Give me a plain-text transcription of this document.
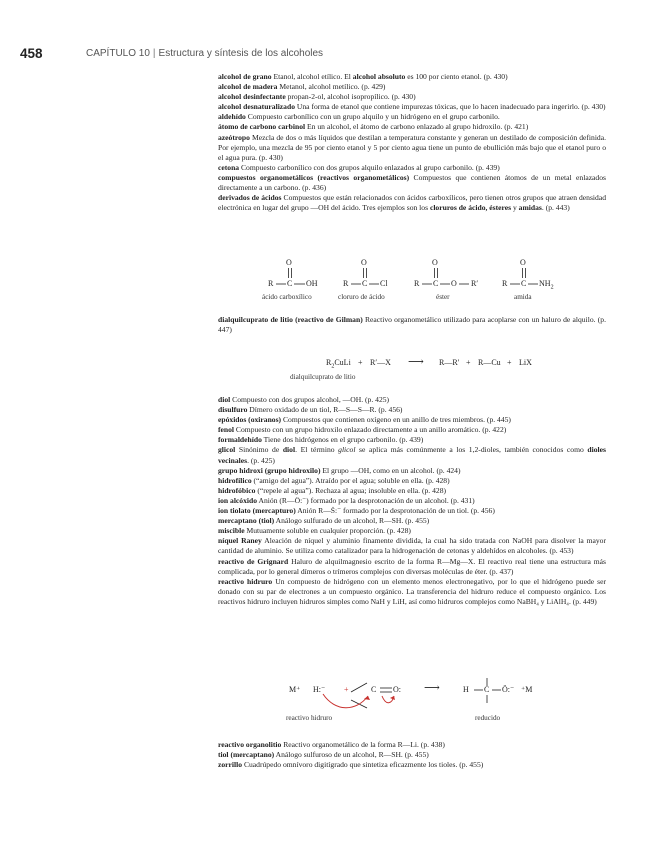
458	CAPÍTULO 10 | Estructura y síntesis de los alcoholes
alcohol de grano Etanol, alcohol etílico. El alcohol absoluto es 100 por ciento etanol. (p. 430)
alcohol de madera Metanol, alcohol metílico. (p. 429)
alcohol desinfectante propan-2-ol, alcohol isopropílico. (p. 430)
alcohol desnaturalizado Una forma de etanol que contiene impurezas tóxicas, que lo hacen inadecuado para ingerirlo. (p. 430)
aldehído Compuesto carbonílico con un grupo alquilo y un hidrógeno en el grupo carbonilo.
átomo de carbono carbinol En un alcohol, el átomo de carbono enlazado al grupo hidroxilo. (p. 421)
azeótropo Mezcla de dos o más líquidos que destilan a temperatura constante y generan un destilado de composición definida. Por ejemplo, una mezcla de 95 por ciento etanol y 5 por ciento agua tiene un punto de ebullición más bajo que el etanol puro o el agua pura. (p. 430)
cetona Compuesto carbonílico con dos grupos alquilo enlazados al grupo carbonilo. (p. 439)
compuestos organometálicos (reactivos organometálicos) Compuestos que contienen átomos de un metal enlazados directamente a un carbono. (p. 436)
derivados de ácidos Compuestos que están relacionados con ácidos carboxílicos, pero tienen otros grupos que atraen densidad electrónica en lugar del grupo —OH del ácido. Tres ejemplos son los cloruros de ácido, ésteres y amidas. (p. 443)
O
R C OH
ácido carboxílico
O
R C Cl
cloruro de ácido
O
R C O R′
éster
O
R C $NH_2$
amida
dialquilcuprato de litio (reactivo de Gilman) Reactivo organometálico utilizado para acoplarse con un haluro de alquilo. (p. 447)
$R_2CuLi$ + R′—X ⟶ R—R′ + R—Cu + LiX
dialquilcuprato de litio
diol Compuesto con dos grupos alcohol, —OH. (p. 425)
disulfuro Dímero oxidado de un tiol, R—S—S—R. (p. 456)
epóxidos (oxiranos) Compuestos que contienen oxígeno en un anillo de tres miembros. (p. 445)
fenol Compuesto con un grupo hidroxilo enlazado directamente a un anillo aromático. (p. 422)
formaldehído Tiene dos hidrógenos en el grupo carbonilo. (p. 439)
glicol Sinónimo de diol. El término glicol se aplica más comúnmente a los 1,2-dioles, también conocidos como dioles vecinales. (p. 425)
grupo hidroxi (grupo hidroxilo) El grupo —OH, como en un alcohol. (p. 424)
hidrofílico (“amigo del agua”). Atraído por el agua; soluble en ella. (p. 428)
hidrofóbico (“repele al agua”). Rechaza al agua; insoluble en ella. (p. 428)
ion alcóxido Anión (R—Ö:⁻) formado por la desprotonación de un alcohol. (p. 431)
ion tiolato (mercapturo) Anión R—S̈:⁻ formado por la desprotonación de un tiol. (p. 456)
mercaptano (tiol) Análogo sulfurado de un alcohol, R—SH. (p. 455)
miscible Mutuamente soluble en cualquier proporción. (p. 428)
níquel Raney Aleación de níquel y aluminio finamente dividida, la cual ha sido tratada con NaOH para disolver la mayor cantidad de aluminio. Se utiliza como catalizador para la hidrogenación de cetonas y aldehídos en alcoholes. (p. 453)
reactivo de Grignard Haluro de alquilmagnesio escrito de la forma R—Mg—X. El reactivo real tiene una estructura más complicada, por lo general dímeros o trímeros complejos con diversas moléculas de éter. (p. 437)
reactivo hidruro Un compuesto de hidrógeno con un elemento menos electronegativo, por lo que el hidrógeno puede ser donado con su par de electrones a un compuesto orgánico. La transferencia del hidruro reduce el compuesto orgánico. Los reactivos hidruro incluyen hidruros simples como NaH y LiH, así como hidruros complejos como NaBH₄ y LiAlH₄. (p. 449)
M⁺ H:⁻ +	C O: ⟶	H C Ö:⁻ ⁺M
reactivo hidruro	reducido
reactivo organolitio Reactivo organometálico de la forma R—Li. (p. 438)
tiol (mercaptano) Análogo sulfuroso de un alcohol, R—SH. (p. 455)
zorrillo Cuadrúpedo omnívoro digitígrado que sintetiza eficazmente los tioles. (p. 455)
